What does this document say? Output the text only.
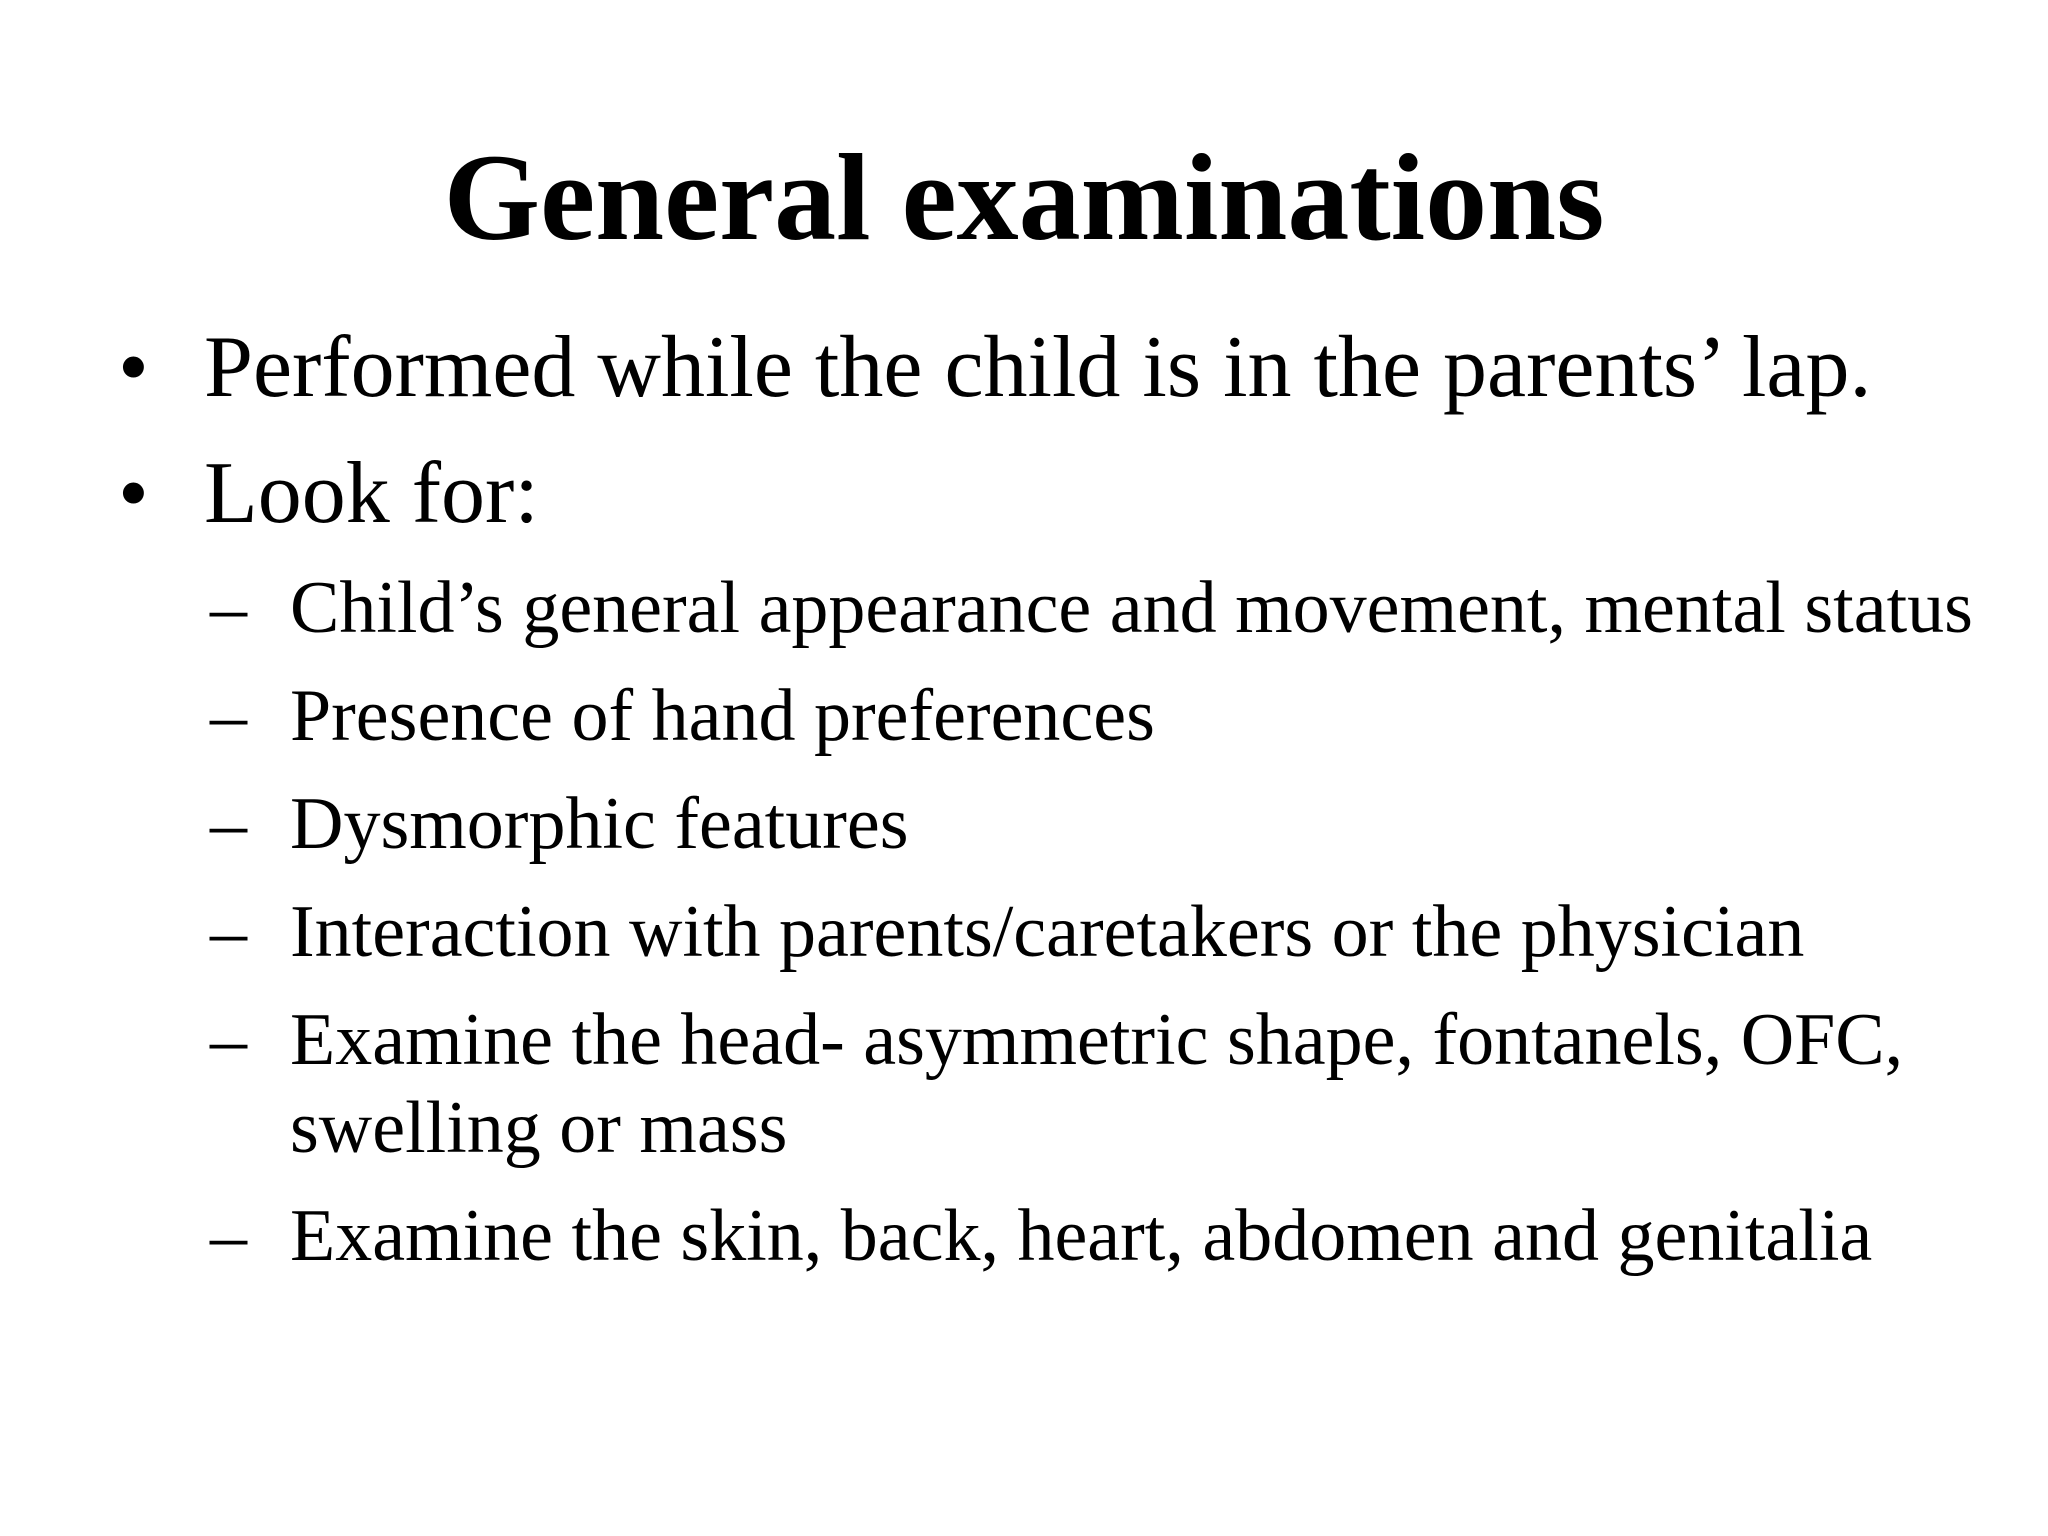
General examinations
• Performed while the child is in the parents’ lap.
• Look for:
– Child’s general appearance and movement, mental status
– Presence of hand preferences
– Dysmorphic features
– Interaction with parents/caretakers or the physician
– Examine the head- asymmetric shape, fontanels, OFC, swelling or mass
– Examine the skin, back, heart, abdomen and genitalia
